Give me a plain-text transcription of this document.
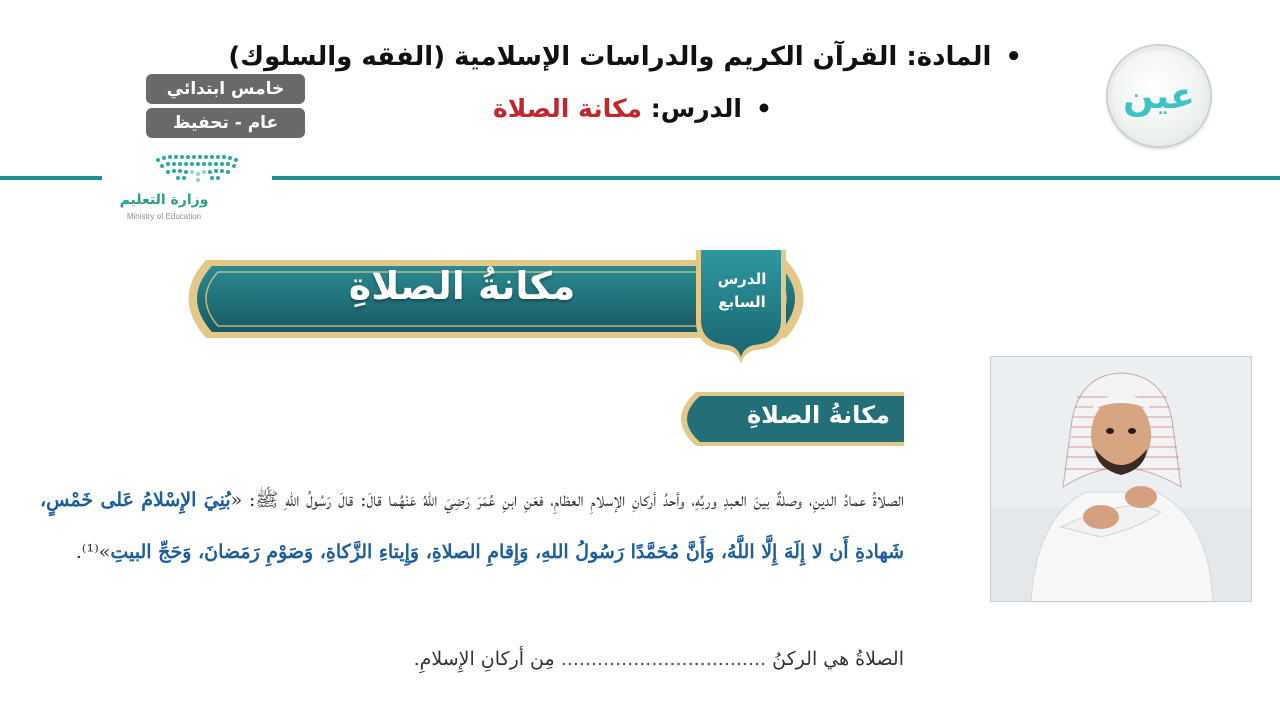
عين
•المادة: القرآن الكريم والدراسات الإسلامية (الفقه والسلوك)
•الدرس: مكانة الصلاة
خامس ابتدائي
عام - تحفيظ
وزارة التعليم
Ministry of Education
مكانةُ الصلاةِ	الدرس
السابع
مكانةُ الصلاةِ
الصلاةُ عمادُ الدينِ، وصلةٌ بينَ العبدِ وربِّهِ، وأحدُ أركانِ الإسلامِ العظامِ، فعَنِ ابنِ عُمَرَ رَضِيَ اللّهُ عَنْهُما قالَ: قالَ رَسُولُ اللهِ ﷺ: «بُنِيَ الإِسْلامُ عَلى خَمْسٍ، شَهادةِ أَن لا إِلَهَ إِلَّا اللَّهُ، وَأَنَّ مُحَمَّدًا رَسُولُ اللهِ، وَإِقامِ الصلاةِ، وَإِيتاءِ الزَّكاةِ، وَصَوْمِ رَمَضانَ، وَحَجِّ البيتِ»⁽¹⁾.
الصلاةُ هي الركنُ .................................. مِن أركانِ الإِسلامِ.
